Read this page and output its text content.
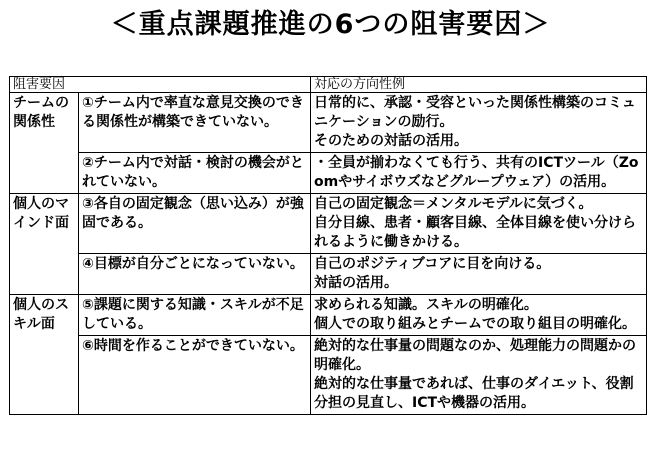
＜重点課題推進の6つの阻害要因＞
阻害要因		対応の方向性例
チームの関係性	①チーム内で率直な意見交換のできる関係性が構築できていない。	日常的に、承認・受容といった関係性構築のコミュニケーションの励行。
そのための対話の活用。

	②チーム内で対話・検討の機会がとれていない。	・全員が揃わなくても行う、共有のICTツール（Zoomやサイボウズなどグループウェア）の活用。

個人のマインド面	③各自の固定観念（思い込み）が強固である。	自己の固定観念＝メンタルモデルに気づく。
自分目線、患者・顧客目線、全体目線を使い分けられるように働きかける。

	④目標が自分ごとになっていない。	自己のポジティブコアに目を向ける。
対話の活用。

個人のスキル面	⑤課題に関する知識・スキルが不足している。	求められる知識。スキルの明確化。
個人での取り組みとチームでの取り組目の明確化。

	⑥時間を作ることができていない。	絶対的な仕事量の問題なのか、処理能力の問題かの明確化。
絶対的な仕事量であれば、仕事のダイエット、役割分担の見直し、ICTや機器の活用。
